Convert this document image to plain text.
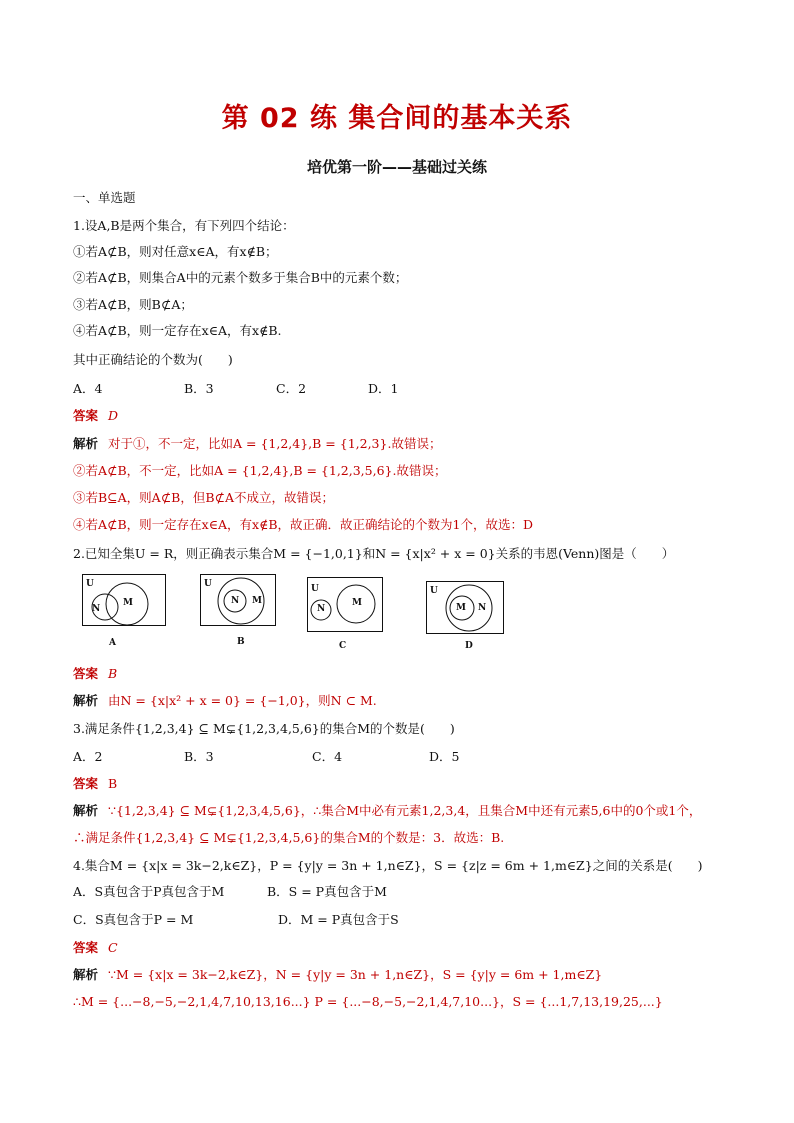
第 02 练 集合间的基本关系
培优第一阶——基础过关练
一、单选题
1.设A,B是两个集合，有下列四个结论：
①若A⊄B，则对任意x∈A，有x∉B；
②若A⊄B，则集合A中的元素个数多于集合B中的元素个数；
③若A⊄B，则B⊄A；
④若A⊄B，则一定存在x∈A，有x∉B.
其中正确结论的个数为(　　)
A．4	B．3	C．2	D．1
答案 D
解析 对于①，不一定，比如A = {1,2,4},B = {1,2,3}.故错误；
②若A⊄B，不一定，比如A = {1,2,4},B = {1,2,3,5,6}.故错误；
③若B⊆A，则A⊄B，但B⊄A不成立，故错误；
④若A⊄B，则一定存在x∈A，有x∉B，故正确．故正确结论的个数为1个，故选：D
2.已知全集U = R，则正确表示集合M = {−1,0,1}和N = {x|x² + x = 0}关系的韦恩(Venn)图是（　　）
U
N
M
A
U
N M
B
U
N
M
C
U
M N
D
答案 B
解析 由N = {x|x² + x = 0} = {−1,0}，则N ⊂ M.
3.满足条件{1,2,3,4} ⊆ M⊊{1,2,3,4,5,6}的集合M的个数是(　　)
A．2	B．3	C．4	D．5
答案 B
解析 ∵{1,2,3,4} ⊆ M⊊{1,2,3,4,5,6}，∴集合M中必有元素1,2,3,4，且集合M中还有元素5,6中的0个或1个，
∴满足条件{1,2,3,4} ⊆ M⊊{1,2,3,4,5,6}的集合M的个数是：3．故选：B.
4.集合M = {x|x = 3k−2,k∈Z}，P = {y|y = 3n + 1,n∈Z}，S = {z|z = 6m + 1,m∈Z}之间的关系是(　　)
A．S真包含于P真包含于M	B．S = P真包含于M
C．S真包含于P = M	D．M = P真包含于S
答案 C
解析 ∵M = {x|x = 3k−2,k∈Z}，N = {y|y = 3n + 1,n∈Z}，S = {y|y = 6m + 1,m∈Z}
∴M = {...−8,−5,−2,1,4,7,10,13,16...} P = {...−8,−5,−2,1,4,7,10...}，S = {...1,7,13,19,25,...}
